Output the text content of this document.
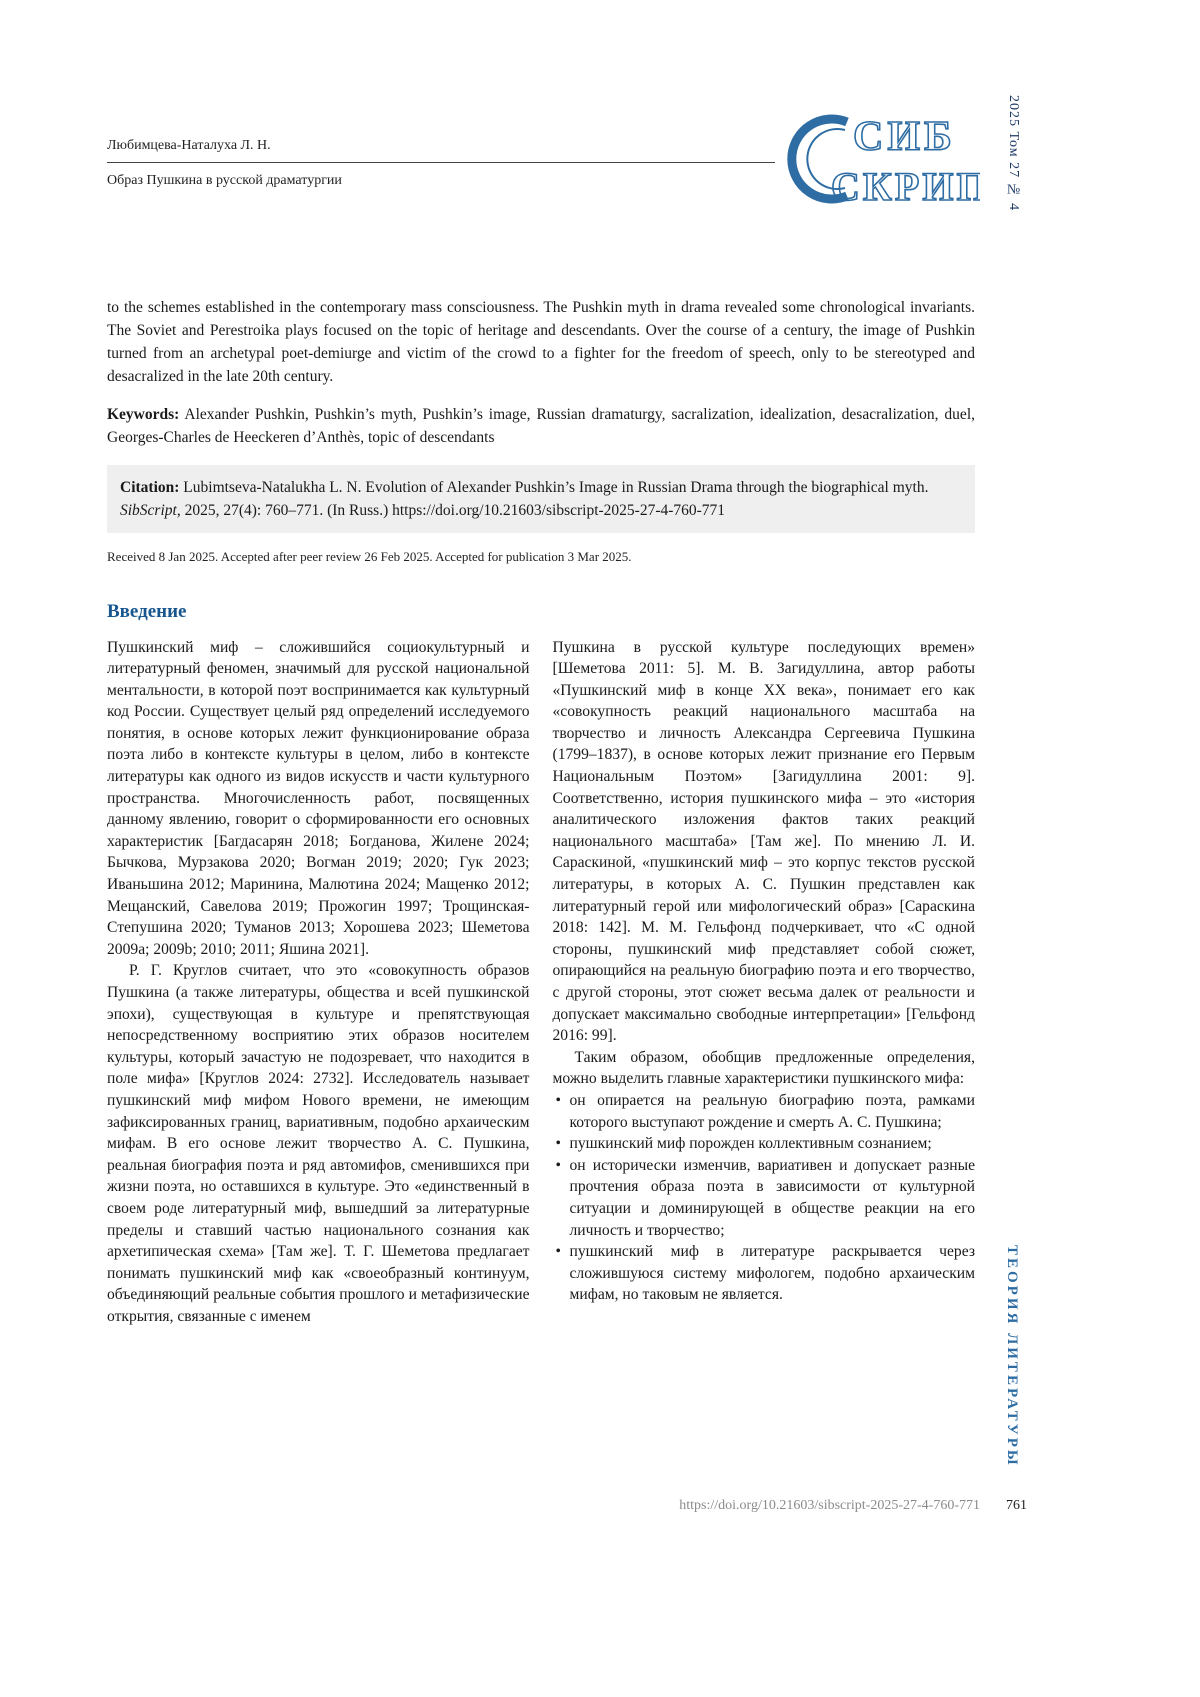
Любимцева-Наталуха Л. Н.
Образ Пушкина в русской драматургии
СИБ
СКРИП	2025 Том 27 № 4
ТЕОРИЯ ЛИТЕРАТУРЫ

to the schemes established in the contemporary mass consciousness. The Pushkin myth in drama revealed some chronological invariants. The Soviet and Perestroika plays focused on the topic of heritage and descendants. Over the course of a century, the image of Pushkin turned from an archetypal poet-demiurge and victim of the crowd to a fighter for the freedom of speech, only to be stereotyped and desacralized in the late 20th century.

Keywords: Alexander Pushkin, Pushkin’s myth, Pushkin’s image, Russian dramaturgy, sacralization, idealization, desacralization, duel, Georges-Charles de Heeckeren d’Anthès, topic of descendants

Citation: Lubimtseva-Natalukha L. N. Evolution of Alexander Pushkin’s Image in Russian Drama through the biographical myth. SibScript, 2025, 27(4): 760–771. (In Russ.) https://doi.org/10.21603/sibscript-2025-27-4-760-771
Received 8 Jan 2025. Accepted after peer review 26 Feb 2025. Accepted for publication 3 Mar 2025.
Введение

Пушкинский миф – сложившийся социокультурный и литературный феномен, значимый для русской национальной ментальности, в которой поэт воспринимается как культурный код России. Существует целый ряд определений исследуемого понятия, в основе которых лежит функционирование образа поэта либо в контексте культуры в целом, либо в контексте литературы как одного из видов искусств и части культурного пространства. Многочисленность работ, посвященных данному явлению, говорит о сформированности его основных характеристик [Багдасарян 2018; Богданова, Жилене 2024; Бычкова, Мурзакова 2020; Вогман 2019; 2020; Гук 2023; Иваньшина 2012; Маринина, Малютина 2024; Мащенко 2012; Мещанский, Савелова 2019; Прожогин 1997; Трощинская-Степушина 2020; Туманов 2013; Хорошева 2023; Шеметова 2009a; 2009b; 2010; 2011; Яшина 2021].

Р. Г. Круглов считает, что это «совокупность образов Пушкина (а также литературы, общества и всей пушкинской эпохи), существующая в культуре и препятствующая непосредственному восприятию этих образов носителем культуры, который зачастую не подозревает, что находится в поле мифа» [Круглов 2024: 2732]. Исследователь называет пушкинский миф мифом Нового времени, не имеющим зафиксированных границ, вариативным, подобно архаическим мифам. В его основе лежит творчество А. С. Пушкина, реальная биография поэта и ряд автомифов, сменившихся при жизни поэта, но оставшихся в культуре. Это «единственный в своем роде литературный миф, вышедший за литературные пределы и ставший частью национального сознания как архетипическая схема» [Там же]. Т. Г. Шеметова предлагает понимать пушкинский миф как «своеобразный континуум, объединяющий реальные события прошлого и метафизические открытия, связанные с именем

Пушкина в русской культуре последующих времен» [Шеметова 2011: 5]. М. В. Загидуллина, автор работы «Пушкинский миф в конце XX века», понимает его как «совокупность реакций национального масштаба на творчество и личность Александра Сергеевича Пушкина (1799–1837), в основе которых лежит признание его Первым Национальным Поэтом» [Загидуллина 2001: 9]. Соответственно, история пушкинского мифа – это «история аналитического изложения фактов таких реакций национального масштаба» [Там же]. По мнению Л. И. Сараскиной, «пушкинский миф – это корпус текстов русской литературы, в которых А. С. Пушкин представлен как литературный герой или мифологический образ» [Сараскина 2018: 142]. М. М. Гельфонд подчеркивает, что «С одной стороны, пушкинский миф представляет собой сюжет, опирающийся на реальную биографию поэта и его творчество, с другой стороны, этот сюжет весьма далек от реальности и допускает максимально свободные интерпретации» [Гельфонд 2016: 99].

Таким образом, обобщив предложенные определения, можно выделить главные характеристики пушкинского мифа:

• он опирается на реальную биографию поэта, рамками которого выступают рождение и смерть А. С. Пушкина;
• пушкинский миф порожден коллективным сознанием;
• он исторически изменчив, вариативен и допускает разные прочтения образа поэта в зависимости от культурной ситуации и доминирующей в обществе реакции на его личность и творчество;
• пушкинский миф в литературе раскрывается через сложившуюся систему мифологем, подобно архаическим мифам, но таковым не является.
https://doi.org/10.21603/sibscript-2025-27-4-760-771 761
